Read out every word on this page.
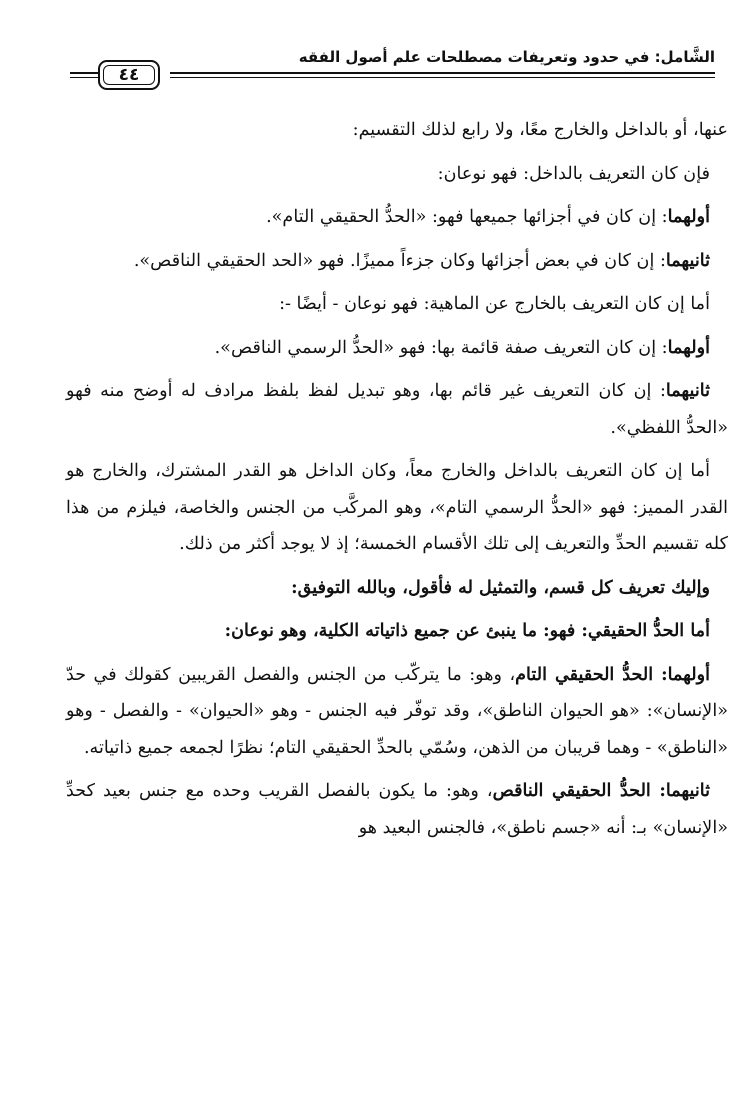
الشَّامل: في حدود وتعريفات مصطلحات علم أصول الفقه
٤٤

عنها، أو بالداخل والخارج معًا، ولا رابع لذلك التقسيم:

فإن كان التعريف بالداخل: فهو نوعان:

أولهما: إن كان في أجزائها جميعها فهو: «الحدُّ الحقيقي التام».

ثانيهما: إن كان في بعض أجزائها وكان جزءاً مميزًا. فهو «الحد الحقيقي الناقص».

أما إن كان التعريف بالخارج عن الماهية: فهو نوعان - أيضًا -:

أولهما: إن كان التعريف صفة قائمة بها: فهو «الحدُّ الرسمي الناقص».

ثانيهما: إن كان التعريف غير قائم بها، وهو تبديل لفظ بلفظ مرادف له أوضح منه فهو «الحدُّ اللفظي».

أما إن كان التعريف بالداخل والخارج معاً، وكان الداخل هو القدر المشترك، والخارج هو القدر المميز: فهو «الحدُّ الرسمي التام»، وهو المركَّب من الجنس والخاصة، فيلزم من هذا كله تقسيم الحدِّ والتعريف إلى تلك الأقسام الخمسة؛ إذ لا يوجد أكثر من ذلك.

وإليك تعريف كل قسم، والتمثيل له فأقول، وبالله التوفيق:

أما الحدُّ الحقيقي: فهو: ما ينبئ عن جميع ذاتياته الكلية، وهو نوعان:

أولهما: الحدُّ الحقيقي التام، وهو: ما يتركّب من الجنس والفصل القريبين كقولك في حدّ «الإنسان»: «هو الحيوان الناطق»، وقد توفّر فيه الجنس - وهو «الحيوان» - والفصل - وهو «الناطق» - وهما قريبان من الذهن، وسُمّي بالحدِّ الحقيقي التام؛ نظرًا لجمعه جميع ذاتياته.

ثانيهما: الحدُّ الحقيقي الناقص، وهو: ما يكون بالفصل القريب وحده مع جنس بعيد كحدِّ «الإنسان» بـ: أنه «جسم ناطق»، فالجنس البعيد هو
